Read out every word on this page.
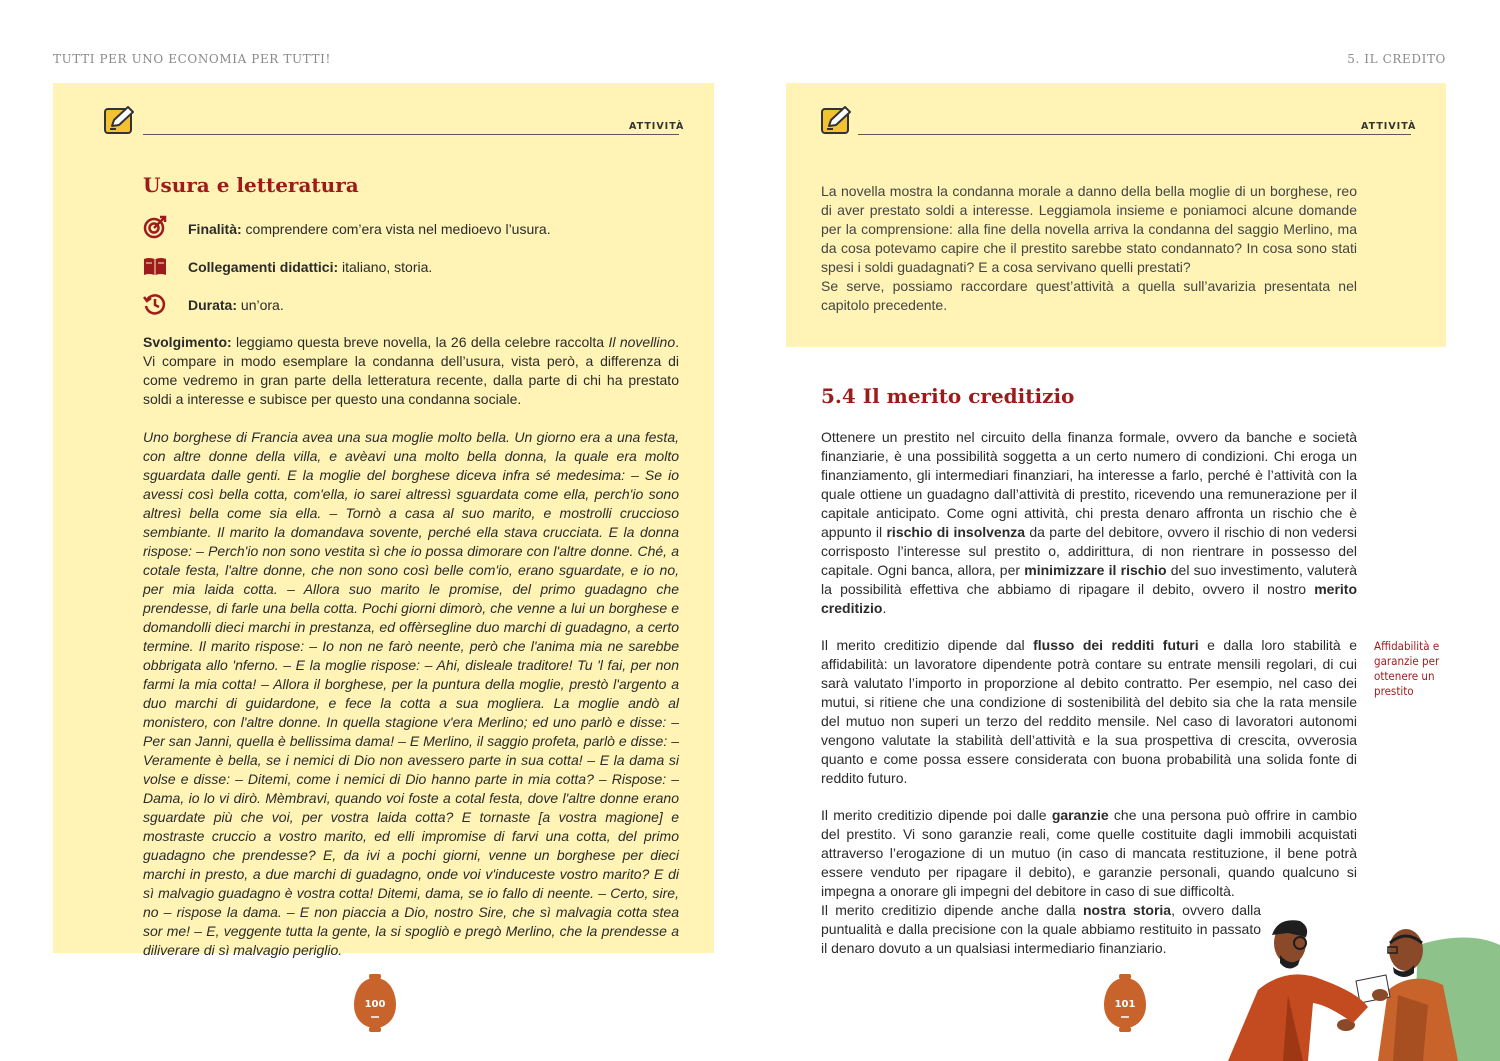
TUTTI PER UNO ECONOMIA PER TUTTI!	5. IL CREDITO
ATTIVITÀ
Usura e letteratura
Finalità: comprendere com’era vista nel medioevo l’usura.
Collegamenti didattici: italiano, storia.
Durata: un’ora.

Svolgimento: leggiamo questa breve novella, la 26 della celebre raccolta Il novellino. Vi compare in modo esemplare la condanna dell’usura, vista però, a differenza di come vedremo in gran parte della letteratura recente, dalla parte di chi ha prestato soldi a interesse e subisce per questo una condanna sociale.

Uno borghese di Francia avea una sua moglie molto bella. Un giorno era a una festa, con altre donne della villa, e avèavi una molto bella donna, la quale era molto sguardata dalle genti. E la moglie del borghese diceva infra sé medesima: – Se io avessi così bella cotta, com'ella, io sarei altressì sguardata come ella, perch'io sono altresì bella come sia ella. – Tornò a casa al suo marito, e mostrolli cruccioso sembiante. Il marito la domandava sovente, perché ella stava crucciata. E la donna rispose: – Perch'io non sono vestita sì che io possa dimorare con l'altre donne. Ché, a cotale festa, l'altre donne, che non sono così belle com'io, erano sguardate, e io no, per mia laida cotta. – Allora suo marito le promise, del primo guadagno che prendesse, di farle una bella cotta. Pochi giorni dimorò, che venne a lui un borghese e domandolli dieci marchi in prestanza, ed offèrsegline duo marchi di guadagno, a certo termine. Il marito rispose: – Io non ne farò neente, però che l'anima mia ne sarebbe obbrigata allo 'nferno. – E la moglie rispose: – Ahi, disleale traditore! Tu 'l fai, per non farmi la mia cotta! – Allora il borghese, per la puntura della moglie, prestò l'argento a duo marchi di guidardone, e fece la cotta a sua mogliera. La moglie andò al monistero, con l'altre donne. In quella stagione v'era Merlino; ed uno parlò e disse: – Per san Janni, quella è bellissima dama! – E Merlino, il saggio profeta, parlò e disse: – Veramente è bella, se i nemici di Dio non avessero parte in sua cotta! – E la dama si volse e disse: – Ditemi, come i nemici di Dio hanno parte in mia cotta? – Rispose: – Dama, io lo vi dirò. Mèmbravi, quando voi foste a cotal festa, dove l'altre donne erano sguardate più che voi, per vostra laida cotta? E tornaste [a vostra magione] e mostraste cruccio a vostro marito, ed elli impromise di farvi una cotta, del primo guadagno che prendesse? E, da ivi a pochi giorni, venne un borghese per dieci marchi in presto, a due marchi di guadagno, onde voi v'induceste vostro marito? E di sì malvagio guadagno è vostra cotta! Ditemi, dama, se io fallo di neente. – Certo, sire, no – rispose la dama. – E non piaccia a Dio, nostro Sire, che sì malvagia cotta stea sor me! – E, veggente tutta la gente, la si spogliò e pregò Merlino, che la prendesse a diliverare di sì malvagio periglio.

100
ATTIVITÀ

La novella mostra la condanna morale a danno della bella moglie di un borghese, reo di aver prestato soldi a interesse. Leggiamola insieme e poniamoci alcune domande per la comprensione: alla fine della novella arriva la condanna del saggio Merlino, ma da cosa potevamo capire che il prestito sarebbe stato condannato? In cosa sono stati spesi i soldi guadagnati? E a cosa servivano quelli prestati?
Se serve, possiamo raccordare quest’attività a quella sull’avarizia presentata nel capitolo precedente.

5.4 Il merito creditizio

Ottenere un prestito nel circuito della finanza formale, ovvero da banche e società finanziarie, è una possibilità soggetta a un certo numero di condizioni. Chi eroga un finanziamento, gli intermediari finanziari, ha interesse a farlo, perché è l’attività con la quale ottiene un guadagno dall’attività di prestito, ricevendo una remunerazione per il capitale anticipato. Come ogni attività, chi presta denaro affronta un rischio che è appunto il rischio di insolvenza da parte del debitore, ovvero il rischio di non vedersi corrisposto l’interesse sul prestito o, addirittura, di non rientrare in possesso del capitale. Ogni banca, allora, per minimizzare il rischio del suo investimento, valuterà la possibilità effettiva che abbiamo di ripagare il debito, ovvero il nostro merito creditizio.

Il merito creditizio dipende dal flusso dei redditi futuri e dalla loro stabilità e affidabilità: un lavoratore dipendente potrà contare su entrate mensili regolari, di cui sarà valutato l’importo in proporzione al debito contratto. Per esempio, nel caso dei mutui, si ritiene che una condizione di sostenibilità del debito sia che la rata mensile del mutuo non superi un terzo del reddito mensile. Nel caso di lavoratori autonomi vengono valutate la stabilità dell’attività e la sua prospettiva di crescita, ovverosia quanto e come possa essere considerata con buona probabilità una solida fonte di reddito futuro.

Affidabilità e garanzie per ottenere un prestito

Il merito creditizio dipende poi dalle garanzie che una persona può offrire in cambio del prestito. Vi sono garanzie reali, come quelle costituite dagli immobili acquistati attraverso l’erogazione di un mutuo (in caso di mancata restituzione, il bene potrà essere venduto per ripagare il debito), e garanzie personali, quando qualcuno si impegna a onorare gli impegni del debitore in caso di sue difficoltà.

Il merito creditizio dipende anche dalla nostra storia, ovvero dalla puntualità e dalla precisione con la quale abbiamo restituito in passato il denaro dovuto a un qualsiasi intermediario finanziario.

101
